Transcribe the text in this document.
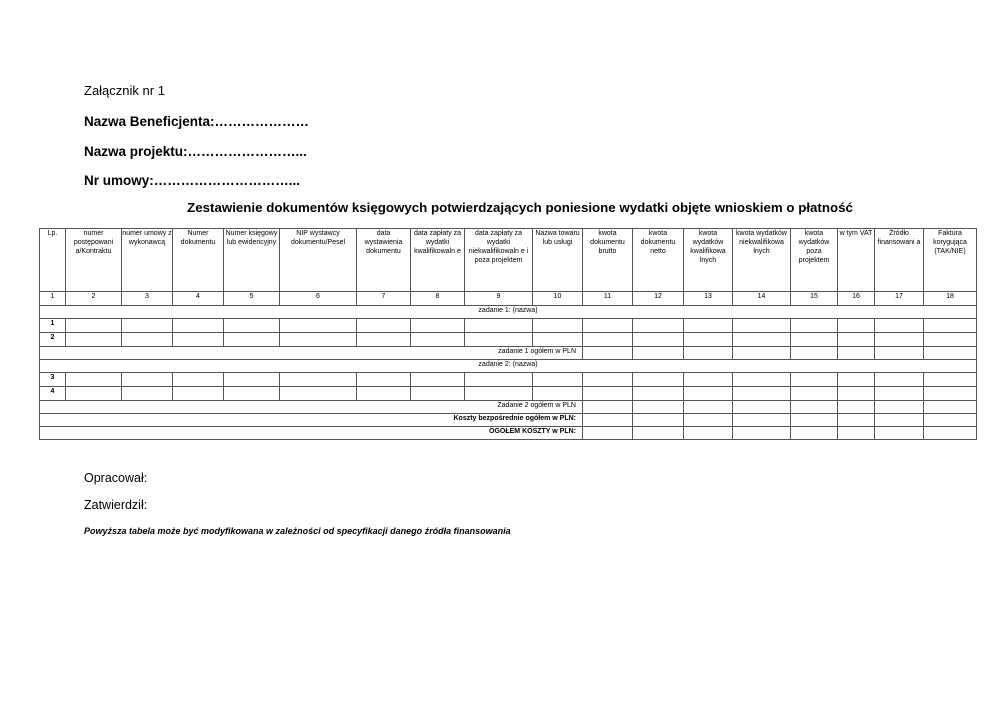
Załącznik nr 1
Nazwa Beneficjenta:…………………
Nazwa projektu:……………………...
Nr umowy:…………………………...
Zestawienie dokumentów księgowych potwierdzających poniesione wydatki objęte wnioskiem o płatność
Lp.	numer postępowani a/Kontraktu	numer umowy z wykonawcą	Numer dokumentu	Numer księgowy lub ewidencyjny	NIP wystawcy dokumentu/Pesel	data wystawienia dokumentu	data zapłaty za wydatki kwalifikowaln e	data zapłaty za wydatki niekwalifikowaln e i poza projektem	Nazwa towaru lub usługi	kwota dokumentu brutto	kwota dokumentu netto	kwota wydatków kwalifikowa lnych	kwota wydatków niekwalifikowa lnych	kwota wydatków poza projektem	w tym VAT	Źródło finansowani a	Faktura korygująca (TAK/NIE)
1	2	3	4	5	6	7	8	9	10	11	12	13	14	15	16	17	18
zadanie 1: (nazwa)																	
1																	
2																	
zadanie 1 ogółem w PLN																	
zadanie 2: (nazwa)																	
3																	
4																	
Zadanie 2 ogółem w PLN																	
Koszty bezpośrednie ogółem w PLN:																	
OGÓŁEM KOSZTY w PLN:																	
Opracował:
Zatwierdził:
Powyższa tabela może być modyfikowana w zależności od specyfikacji danego źródła finansowania
